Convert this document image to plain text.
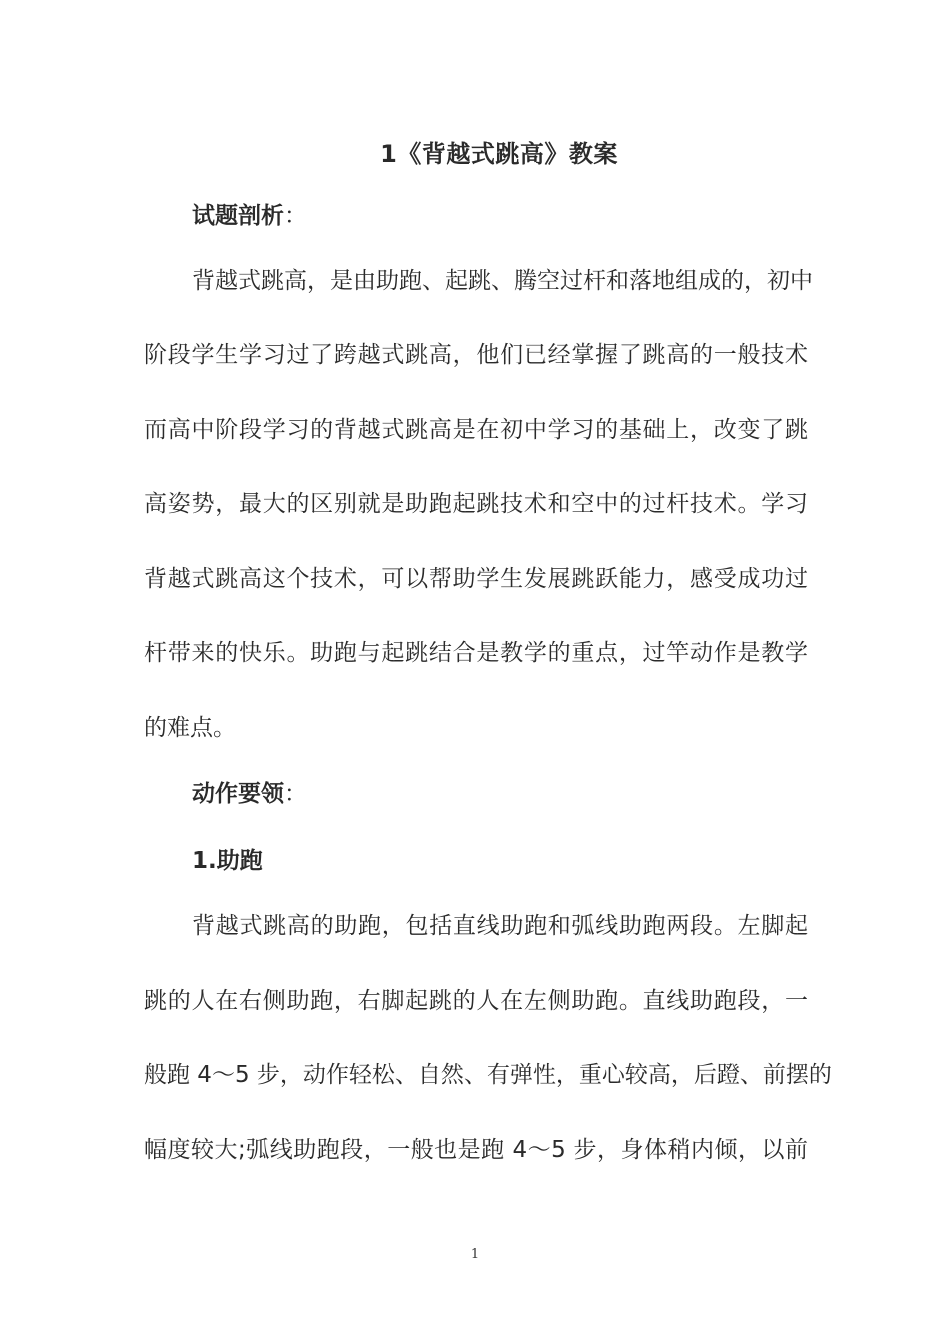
1《背越式跳高》教案
试题剖析：
背越式跳高，是由助跑、起跳、腾空过杆和落地组成的，初中
阶段学生学习过了跨越式跳高，他们已经掌握了跳高的一般技术
而高中阶段学习的背越式跳高是在初中学习的基础上，改变了跳
高姿势，最大的区别就是助跑起跳技术和空中的过杆技术。学习
背越式跳高这个技术，可以帮助学生发展跳跃能力，感受成功过
杆带来的快乐。助跑与起跳结合是教学的重点，过竿动作是教学
的难点。
动作要领：
1.助跑
背越式跳高的助跑，包括直线助跑和弧线助跑两段。左脚起
跳的人在右侧助跑，右脚起跳的人在左侧助跑。直线助跑段，一
般跑 4～5 步，动作轻松、自然、有弹性，重心较高，后蹬、前摆的
幅度较大;弧线助跑段，一般也是跑 4～5 步，身体稍内倾，以前
1
